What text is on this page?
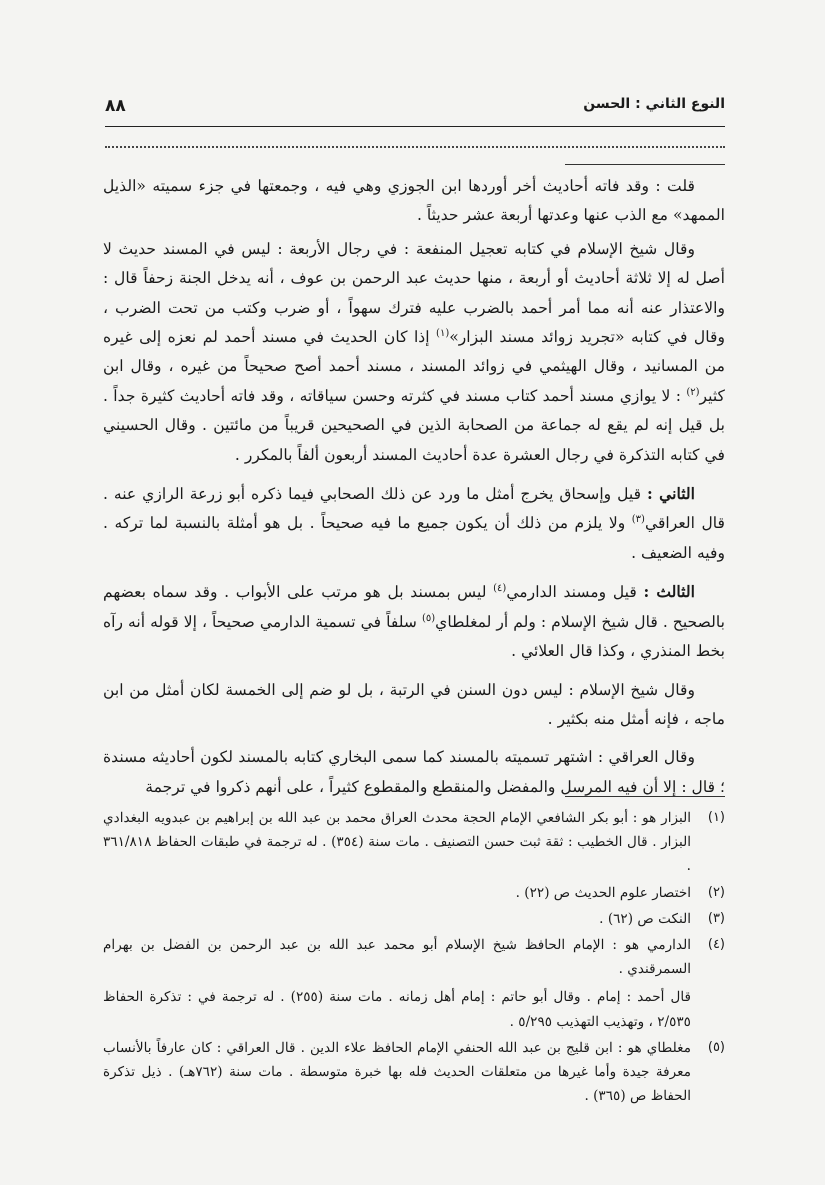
٨٨	النوع الثاني : الحسن

قلت : وقد فاته أحاديث أخر أوردها ابن الجوزي وهي فيه ، وجمعتها في جزء سميته «الذيل الممهد» مع الذب عنها وعدتها أربعة عشر حديثاً .

وقال شيخ الإسلام في كتابه تعجيل المنفعة : في رجال الأربعة : ليس في المسند حديث لا أصل له إلا ثلاثة أحاديث أو أربعة ، منها حديث عبد الرحمن بن عوف ، أنه يدخل الجنة زحفاً قال : والاعتذار عنه أنه مما أمر أحمد بالضرب عليه فترك سهواً ، أو ضرب وكتب من تحت الضرب ، وقال في كتابه «تجريد زوائد مسند البزار»$^{(١)}$ إذا كان الحديث في مسند أحمد لم نعزه إلى غيره من المسانيد ، وقال الهيثمي في زوائد المسند ، مسند أحمد أصح صحيحاً من غيره ، وقال ابن كثير$^{(٢)}$ : لا يوازي مسند أحمد كتاب مسند في كثرته وحسن سياقاته ، وقد فاته أحاديث كثيرة جداً . بل قيل إنه لم يقع له جماعة من الصحابة الذين في الصحيحين قريباً من مائتين . وقال الحسيني في كتابه التذكرة في رجال العشرة عدة أحاديث المسند أربعون ألفاً بالمكرر .

الثاني : قيل وإسحاق يخرج أمثل ما ورد عن ذلك الصحابي فيما ذكره أبو زرعة الرازي عنه . قال العراقي$^{(٣)}$ ولا يلزم من ذلك أن يكون جميع ما فيه صحيحاً . بل هو أمثلة بالنسبة لما تركه . وفيه الضعيف .

الثالث : قيل ومسند الدارمي$^{(٤)}$ ليس بمسند بل هو مرتب على الأبواب . وقد سماه بعضهم بالصحيح . قال شيخ الإسلام : ولم أر لمغلطاي$^{(٥)}$ سلفاً في تسمية الدارمي صحيحاً ، إلا قوله أنه رآه بخط المنذري ، وكذا قال العلائي .

وقال شيخ الإسلام : ليس دون السنن في الرتبة ، بل لو ضم إلى الخمسة لكان أمثل من ابن ماجه ، فإنه أمثل منه بكثير .

وقال العراقي : اشتهر تسميته بالمسند كما سمى البخاري كتابه بالمسند لكون أحاديثه مسندة ؛ قال : إلا أن فيه المرسل والمفضل والمنقطع والمقطوع كثيراً ، على أنهم ذكروا في ترجمة

(١)
البزار هو : أبو بكر الشافعي الإمام الحجة محدث العراق محمد بن عبد الله بن إبراهيم بن عبدويه البغدادي البزار . قال الخطيب : ثقة ثبت حسن التصنيف . مات سنة (٣٥٤) . له ترجمة في طبقات الحفاظ ٣٦١/٨١٨ .
(٢)
اختصار علوم الحديث ص (٢٢) .
(٣)
النكت ص (٦٢) .
(٤)
الدارمي هو : الإمام الحافظ شيخ الإسلام أبو محمد عبد الله بن عبد الرحمن بن الفضل بن بهرام السمرقندي .
قال أحمد : إمام . وقال أبو حاتم : إمام أهل زمانه . مات سنة (٢٥٥) . له ترجمة في : تذكرة الحفاظ ٢/٥٣٥ ، وتهذيب التهذيب ٥/٢٩٥ .
(٥)
مغلطاي هو : ابن قليج بن عبد الله الحنفي الإمام الحافظ علاء الدين . قال العراقي : كان عارفاً بالأنساب معرفة جيدة وأما غيرها من متعلقات الحديث فله بها خبرة متوسطة . مات سنة (٧٦٢هـ) . ذيل تذكرة الحفاظ ص (٣٦٥) .
